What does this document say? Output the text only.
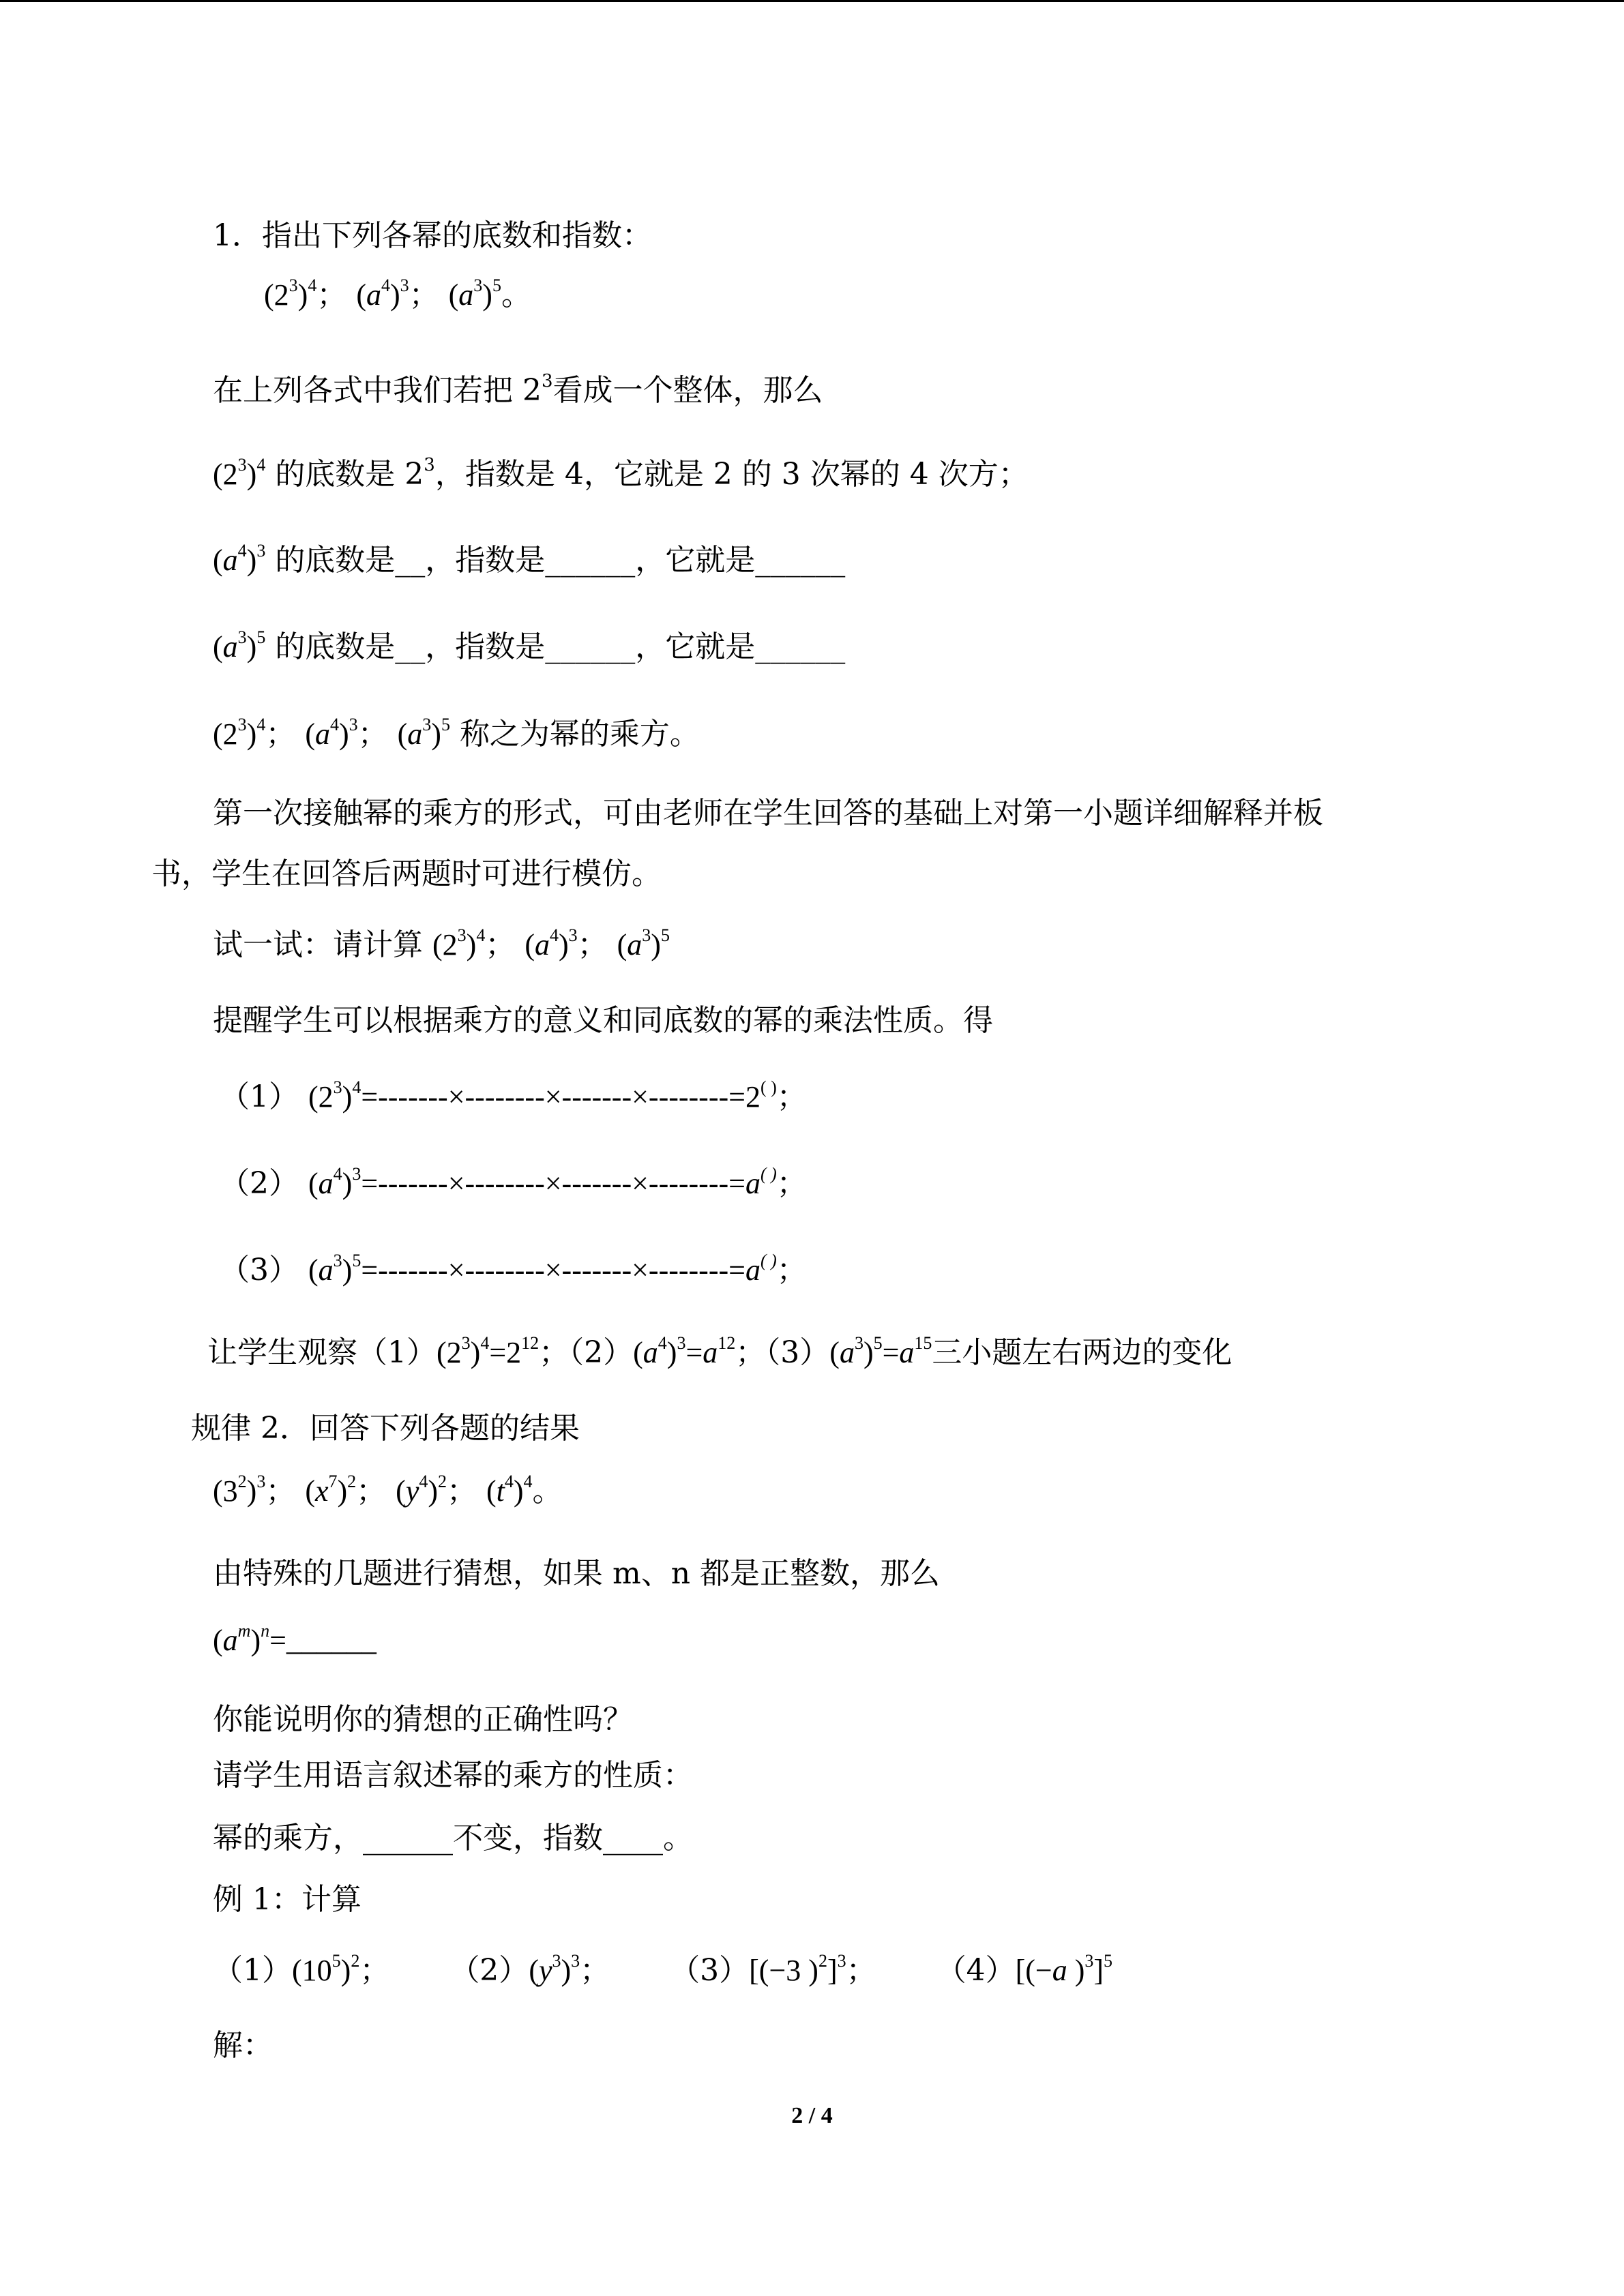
1．指出下列各幂的底数和指数：
$(2^3)^4$； $(a^4)^3$； $(a^3)^5$。
在上列各式中我们若把 $2^3$看成一个整体，那么
$(2^3)^4$ 的底数是 $2^3$，指数是 4，它就是 2 的 3 次幂的 4 次方；
$(a^4)^3$ 的底数是__，指数是______，它就是______
$(a^3)^5$ 的底数是__，指数是______，它就是______
$(2^3)^4$； $(a^4)^3$； $(a^3)^5$ 称之为幂的乘方。
第一次接触幂的乘方的形式，可由老师在学生回答的基础上对第一小题详细解释并板
书，学生在回答后两题时可进行模仿。
试一试：请计算 $(2^3)^4$； $(a^4)^3$； $(a^3)^5$
提醒学生可以根据乘方的意义和同底数的幂的乘法性质。得
（1） $(2^3)^4=-------\times--------\times-------\times--------=2^{( )}$；
（2） $(a^4)^3=-------\times--------\times-------\times--------=a^{( )}$；
（3） $(a^3)^5=-------\times--------\times-------\times--------=a^{( )}$；
让学生观察$(1)(2^3)^4=2^{12}$；$(2)(a^4)^3=a^{12}$；$(3)(a^3)^5=a^{15}$三小题左右两边的变化
规律 2．回答下列各题的结果
$(3^2)^3$； $(x^7)^2$； $(y^4)^2$； $(t^4)^4$。
由特殊的几题进行猜想，如果 m、n 都是正整数，那么
$(a^m)^n=\_\_\_\_\_\_$
你能说明你的猜想的正确性吗？
请学生用语言叙述幂的乘方的性质：
幂的乘方，______不变，指数____。
例 1：计算
$(1)(10^5)^2$； $(2)(y^3)^3$； （3）[(−3 )$^2$]$^3$； （4）[(−a )$^3$]$^5$
解：
2 / 4
